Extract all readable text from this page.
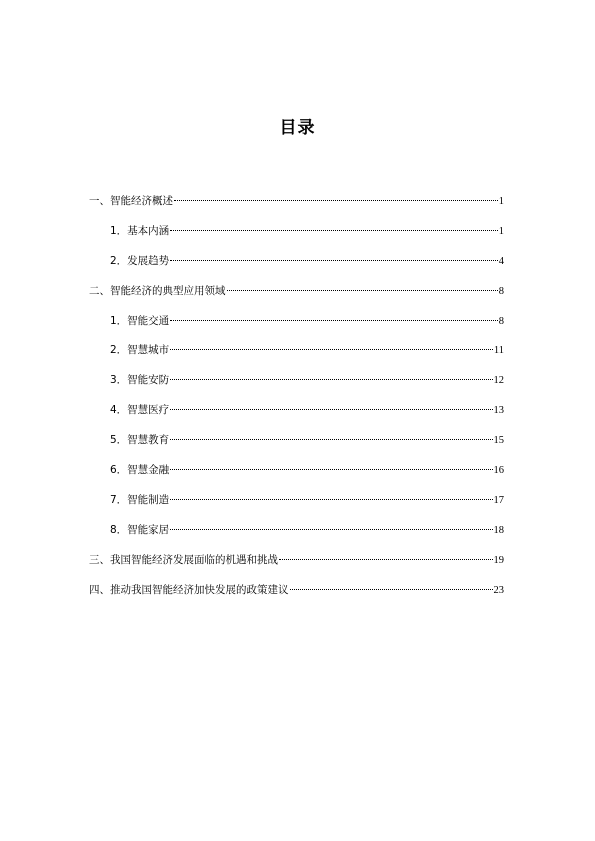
目录
一、智能经济概述	1
1．基本内涵	1
2．发展趋势	4
二、智能经济的典型应用领域	8
1．智能交通	8
2．智慧城市	11
3．智能安防	12
4．智慧医疗	13
5．智慧教育	15
6．智慧金融	16
7．智能制造	17
8．智能家居	18
三、我国智能经济发展面临的机遇和挑战	19
四、推动我国智能经济加快发展的政策建议	23
